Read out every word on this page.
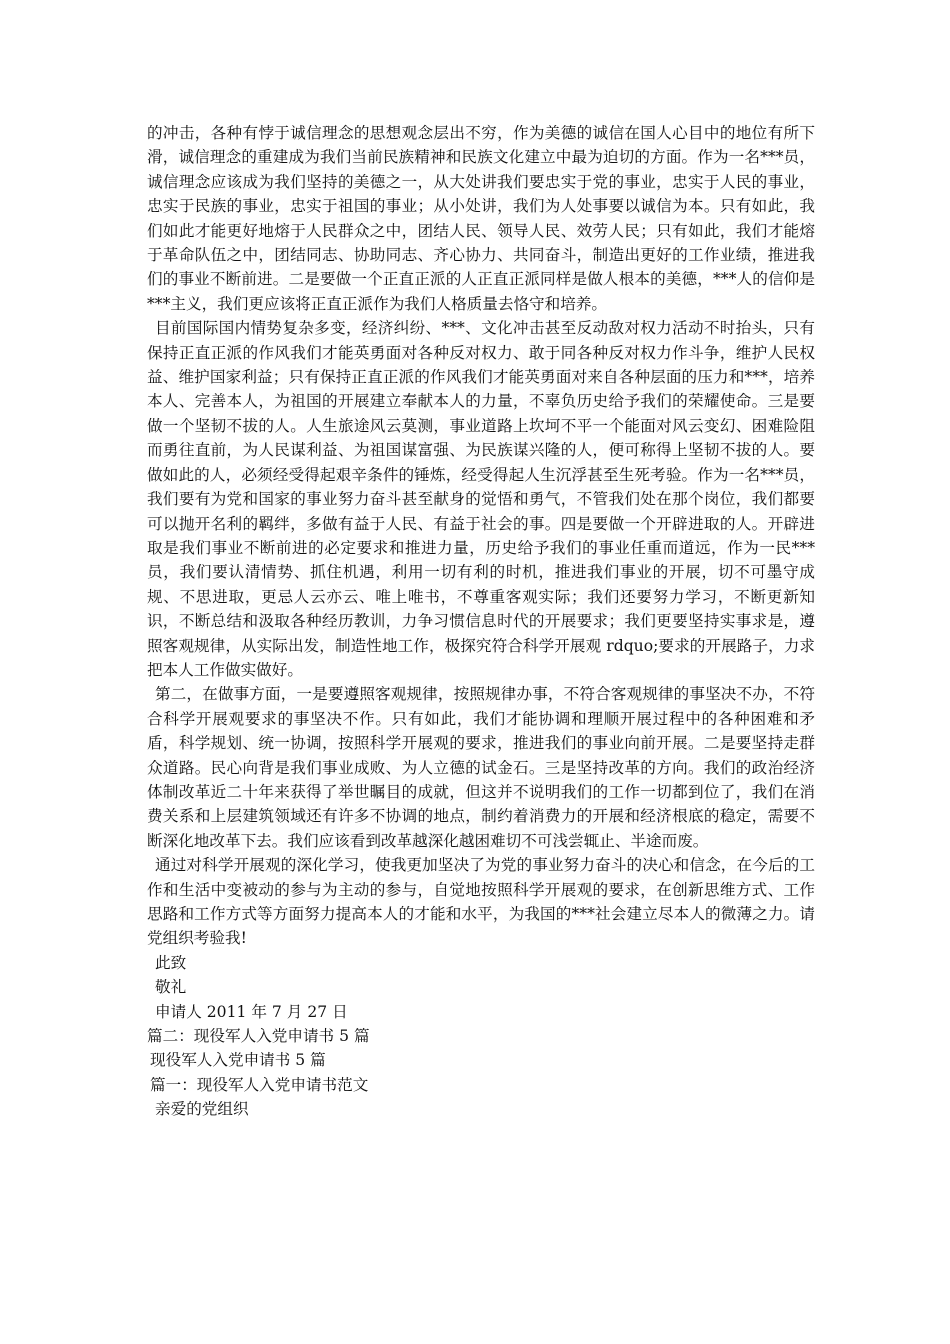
的冲击，各种有悖于诚信理念的思想观念层出不穷，作为美德的诚信在国人心目中的地位有所下滑，诚信理念的重建成为我们当前民族精神和民族文化建立中最为迫切的方面。作为一名***员，诚信理念应该成为我们坚持的美德之一，从大处讲我们要忠实于党的事业，忠实于人民的事业，忠实于民族的事业，忠实于祖国的事业；从小处讲，我们为人处事要以诚信为本。只有如此，我们如此才能更好地熔于人民群众之中，团结人民、领导人民、效劳人民；只有如此，我们才能熔于革命队伍之中，团结同志、协助同志、齐心协力、共同奋斗，制造出更好的工作业绩，推进我们的事业不断前进。二是要做一个正直正派的人正直正派同样是做人根本的美德，***人的信仰是***主义，我们更应该将正直正派作为我们人格质量去恪守和培养。

目前国际国内情势复杂多变，经济纠纷、***、文化冲击甚至反动敌对权力活动不时抬头，只有保持正直正派的作风我们才能英勇面对各种反对权力、敢于同各种反对权力作斗争，维护人民权益、维护国家利益；只有保持正直正派的作风我们才能英勇面对来自各种层面的压力和***，培养本人、完善本人，为祖国的开展建立奉献本人的力量，不辜负历史给予我们的荣耀使命。三是要做一个坚韧不拔的人。人生旅途风云莫测，事业道路上坎坷不平一个能面对风云变幻、困难险阻而勇往直前，为人民谋利益、为祖国谋富强、为民族谋兴隆的人，便可称得上坚韧不拔的人。要做如此的人，必须经受得起艰辛条件的锤炼，经受得起人生沉浮甚至生死考验。作为一名***员，我们要有为党和国家的事业努力奋斗甚至献身的觉悟和勇气，不管我们处在那个岗位，我们都要可以抛开名利的羁绊，多做有益于人民、有益于社会的事。四是要做一个开辟进取的人。开辟进取是我们事业不断前进的必定要求和推进力量，历史给予我们的事业任重而道远，作为一民***员，我们要认清情势、抓住机遇，利用一切有利的时机，推进我们事业的开展，切不可墨守成规、不思进取，更忌人云亦云、唯上唯书，不尊重客观实际；我们还要努力学习，不断更新知识，不断总结和汲取各种经历教训，力争习惯信息时代的开展要求；我们更要坚持实事求是，遵照客观规律，从实际出发，制造性地工作，极探究符合科学开展观 rdquo;要求的开展路子，力求把本人工作做实做好。

第二，在做事方面，一是要遵照客观规律，按照规律办事，不符合客观规律的事坚决不办，不符合科学开展观要求的事坚决不作。只有如此，我们才能协调和理顺开展过程中的各种困难和矛盾，科学规划、统一协调，按照科学开展观的要求，推进我们的事业向前开展。二是要坚持走群众道路。民心向背是我们事业成败、为人立德的试金石。三是坚持改革的方向。我们的政治经济体制改革近二十年来获得了举世瞩目的成就，但这并不说明我们的工作一切都到位了，我们在消费关系和上层建筑领域还有许多不协调的地点，制约着消费力的开展和经济根底的稳定，需要不断深化地改革下去。我们应该看到改革越深化越困难切不可浅尝辄止、半途而废。

通过对科学开展观的深化学习，使我更加坚决了为党的事业努力奋斗的决心和信念，在今后的工作和生活中变被动的参与为主动的参与，自觉地按照科学开展观的要求，在创新思维方式、工作思路和工作方式等方面努力提高本人的才能和水平，为我国的***社会建立尽本人的微薄之力。请党组织考验我!

此致

敬礼

申请人 2011 年 7 月 27 日

篇二：现役军人入党申请书 5 篇

现役军人入党申请书 5 篇

篇一：现役军人入党申请书范文

亲爱的党组织
